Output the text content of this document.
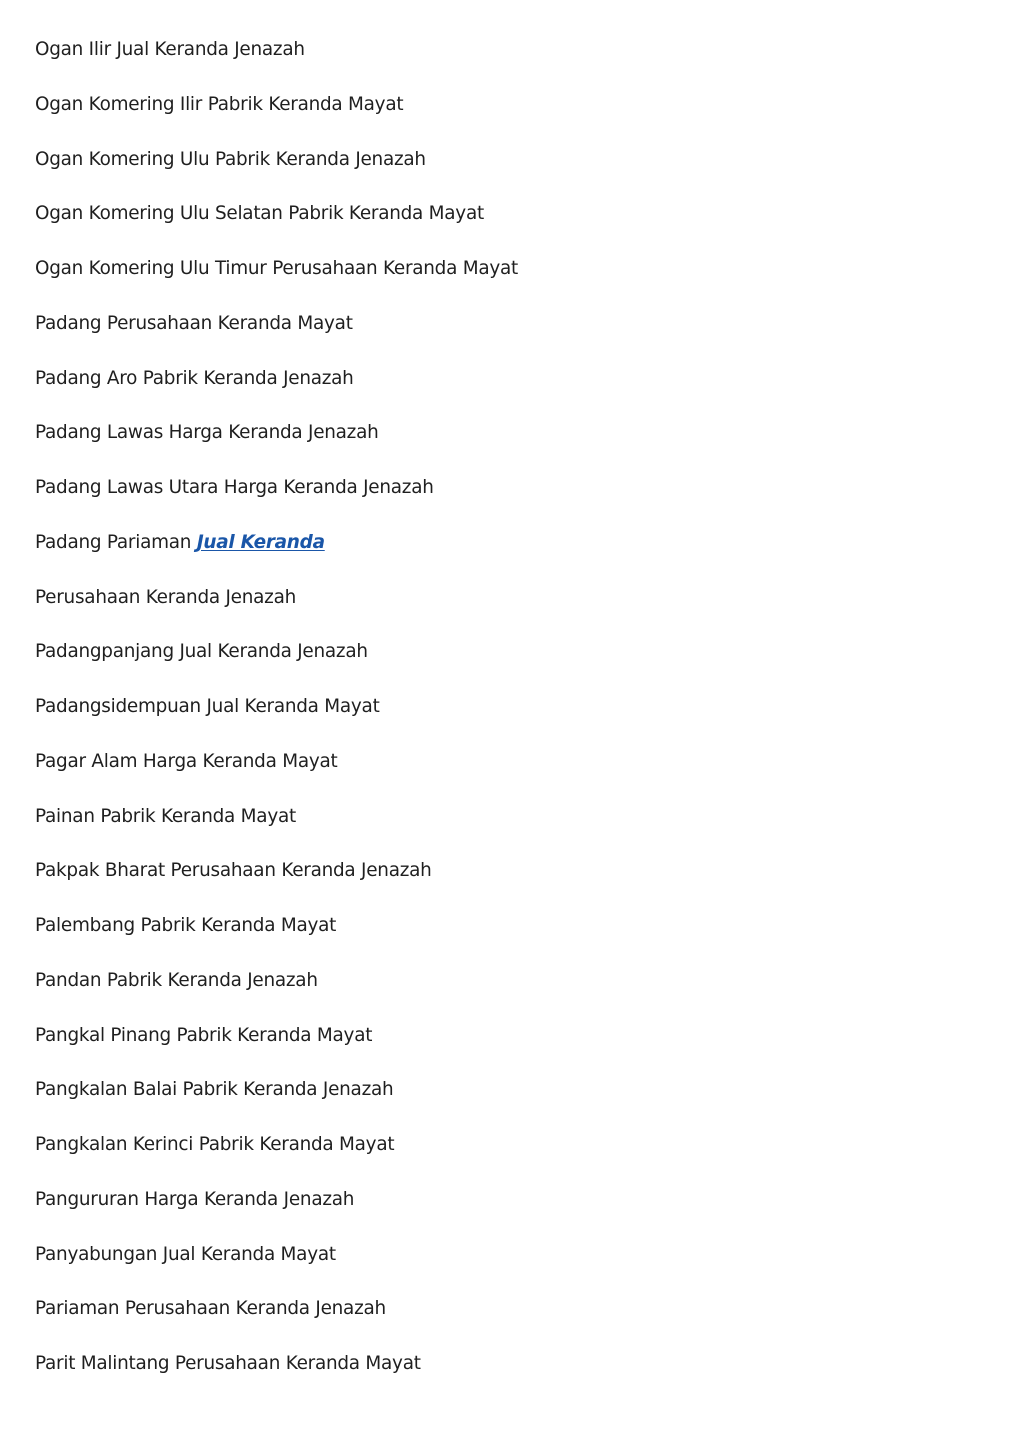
Ogan Ilir Jual Keranda Jenazah
Ogan Komering Ilir Pabrik Keranda Mayat
Ogan Komering Ulu Pabrik Keranda Jenazah
Ogan Komering Ulu Selatan Pabrik Keranda Mayat
Ogan Komering Ulu Timur Perusahaan Keranda Mayat
Padang Perusahaan Keranda Mayat
Padang Aro Pabrik Keranda Jenazah
Padang Lawas Harga Keranda Jenazah
Padang Lawas Utara Harga Keranda Jenazah
Padang Pariaman Jual Keranda
Perusahaan Keranda Jenazah
Padangpanjang Jual Keranda Jenazah
Padangsidempuan Jual Keranda Mayat
Pagar Alam Harga Keranda Mayat
Painan Pabrik Keranda Mayat
Pakpak Bharat Perusahaan Keranda Jenazah
Palembang Pabrik Keranda Mayat
Pandan Pabrik Keranda Jenazah
Pangkal Pinang Pabrik Keranda Mayat
Pangkalan Balai Pabrik Keranda Jenazah
Pangkalan Kerinci Pabrik Keranda Mayat
Pangururan Harga Keranda Jenazah
Panyabungan Jual Keranda Mayat
Pariaman Perusahaan Keranda Jenazah
Parit Malintang Perusahaan Keranda Mayat
